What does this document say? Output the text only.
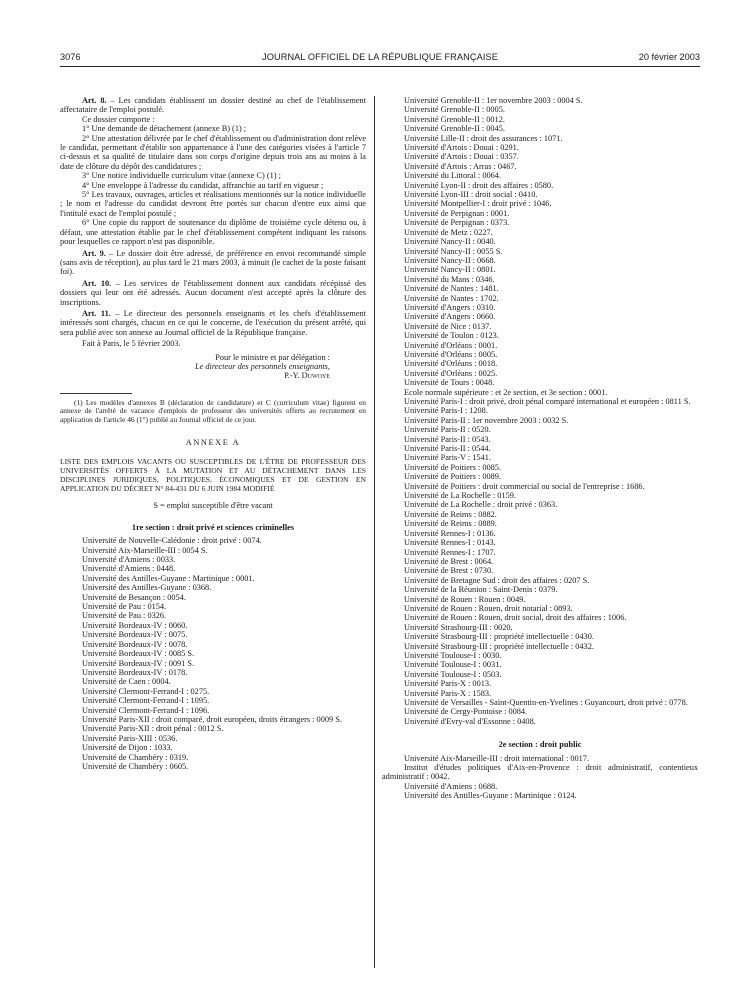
3076	JOURNAL OFFICIEL DE LA RÉPUBLIQUE FRANÇAISE	20 février 2003

Art. 8. – Les candidats établissent un dossier destiné au chef de l'établissement affectataire de l'emploi postulé.

Ce dossier comporte :

1° Une demande de détachement (annexe B) (1) ;

2° Une attestation délivrée par le chef d'établissement ou d'administration dont relève le candidat, permettant d'établir son appartenance à l'une des catégories visées à l'article 7 ci-dessus et sa qualité de titulaire dans son corps d'origine depuis trois ans au moins à la date de clôture du dépôt des candidatures ;

3° Une notice individuelle curriculum vitae (annexe C) (1) ;

4° Une enveloppe à l'adresse du candidat, affranchie au tarif en vigueur ;

5° Les travaux, ouvrages, articles et réalisations mentionnés sur la notice individuelle ; le nom et l'adresse du candidat devront être portés sur chacun d'entre eux ainsi que l'intitulé exact de l'emploi postulé ;

6° Une copie du rapport de soutenance du diplôme de troisième cycle détenu ou, à défaut, une attestation établie par le chef d'établissement compétent indiquant les raisons pour lesquelles ce rapport n'est pas disponible.

Art. 9. – Le dossier doit être adressé, de préférence en envoi recommandé simple (sans avis de réception), au plus tard le 21 mars 2003, à minuit (le cachet de la poste faisant foi).

Art. 10. – Les services de l'établissement donnent aux candidats récépissé des dossiers qui leur ont été adressés. Aucun document n'est accepté après la clôture des inscriptions.

Art. 11. – Le directeur des personnels enseignants et les chefs d'établissement intéressés sont chargés, chacun en ce qui le concerne, de l'exécution du présent arrêté, qui sera publié avec son annexe au Journal officiel de la République française.

Fait à Paris, le 5 février 2003.

Pour le ministre et par délégation :

Le directeur des personnels enseignants,

P.-Y. Duwoye

(1) Les modèles d'annexes B (déclaration de candidature) et C (curriculum vitae) figurent en annexe de l'arrêté de vacance d'emplois de professeur des universités offerts au recrutement en application de l'article 46 (1°) publié au Journal officiel de ce jour.

ANNEXE A

LISTE DES EMPLOIS VACANTS OU SUSCEPTIBLES DE L'ÊTRE DE PROFESSEUR DES UNIVERSITÉS OFFERTS À LA MUTATION ET AU DÉTACHEMENT DANS LES DISCIPLINES JURIDIQUES, POLITIQUES, ÉCONOMIQUES ET DE GESTION EN APPLICATION DU DÉCRET N° 84-431 DU 6 JUIN 1984 MODIFIÉ

S = emploi susceptible d'être vacant

1re section : droit privé et sciences criminelles

Université de Nouvelle-Calédonie : droit privé : 0074.

Université Aix-Marseille-III : 0054 S.

Université d'Amiens : 0033.

Université d'Amiens : 0448.

Université des Antilles-Guyane : Martinique : 0001.

Université des Antilles-Guyane : 0368.

Université de Besançon : 0054.

Université de Pau : 0154.

Université de Pau : 0326.

Université Bordeaux-IV : 0060.

Université Bordeaux-IV : 0075.

Université Bordeaux-IV : 0078.

Université Bordeaux-IV : 0085 S.

Université Bordeaux-IV : 0091 S.

Université Bordeaux-IV : 0178.

Université de Caen : 0004.

Université Clermont-Ferrand-I : 0275.

Université Clermont-Ferrand-I : 1095.

Université Clermont-Ferrand-I : 1096.

Université Paris-XII : droit comparé, droit européen, droits étrangers : 0009 S.

Université Paris-XII : droit pénal : 0012 S.

Université Paris-XIII : 0536.

Université de Dijon : 1033.

Université de Chambéry : 0319.

Université de Chambéry : 0605.

Université Grenoble-II : 1er novembre 2003 : 0004 S.

Université Grenoble-II : 0005.

Université Grenoble-II : 0012.

Université Grenoble-II : 0045.

Université Lille-II : droit des assurances : 1071.

Université d'Artois : Douai : 0291.

Université d'Artois : Douai : 0357.

Université d'Artois : Arras : 0467.

Université du Littoral : 0064.

Université Lyon-II : droit des affaires : 0580.

Université Lyon-III : droit social : 0410.

Université Montpellier-I : droit privé : 1046.

Université de Perpignan : 0001.

Université de Perpignan : 0373.

Université de Metz : 0227.

Université Nancy-II : 0040.

Université Nancy-II : 0055 S.

Université Nancy-II : 0668.

Université Nancy-II : 0801.

Université du Mans : 0346.

Université de Nantes : 1481.

Université de Nantes : 1702.

Université d'Angers : 0310.

Université d'Angers : 0660.

Université de Nice : 0137.

Université de Toulon : 0123.

Université d'Orléans : 0001.

Université d'Orléans : 0005.

Université d'Orléans : 0018.

Université d'Orléans : 0025.

Université de Tours : 0048.

Ecole normale supérieure : et 2e section, et 3e section : 0001.

Université Paris-I : droit privé, droit pénal comparé international et européen : 0811 S.

Université Paris-I : 1208.

Université Paris-II : 1er novembre 2003 : 0032 S.

Université Paris-II : 0520.

Université Paris-II : 0543.

Université Paris-II : 0544.

Université Paris-V : 1541.

Université de Poitiers : 0085.

Université de Poitiers : 0089.

Université de Poitiers : droit commercial ou social de l'entreprise : 1686.

Université de La Rochelle : 0159.

Université de La Rochelle : droit privé : 0363.

Université de Reims : 0882.

Université de Reims : 0889.

Université Rennes-I : 0136.

Université Rennes-I : 0143.

Université Rennes-I : 1707.

Université de Brest : 0064.

Université de Brest : 0730.

Université de Bretagne Sud : droit des affaires : 0207 S.

Université de la Réunion : Saint-Denis : 0379.

Université de Rouen : Rouen : 0049.

Université de Rouen : Rouen, droit notarial : 0893.

Université de Rouen : Rouen, droit social, droit des affaires : 1006.

Université Strasbourg-III : 0020.

Université Strasbourg-III : propriété intellectuelle : 0430.

Université Strasbourg-III : propriété intellectuelle : 0432.

Université Toulouse-I : 0030.

Université Toulouse-I : 0031.

Université Toulouse-I : 0503.

Université Paris-X : 0013.

Université Paris-X : 1583.

Université de Versailles - Saint-Quentin-en-Yvelines : Guyancourt, droit privé : 0778.

Université de Cergy-Pontoise : 0084.

Université d'Evry-val d'Essonne : 0408.

2e section : droit public

Université Aix-Marseille-III : droit international : 0017.

Institut d'études politiques d'Aix-en-Provence : droit administratif, contentieux administratif : 0042.

Université d'Amiens : 0688.

Université des Antilles-Guyane : Martinique : 0124.
